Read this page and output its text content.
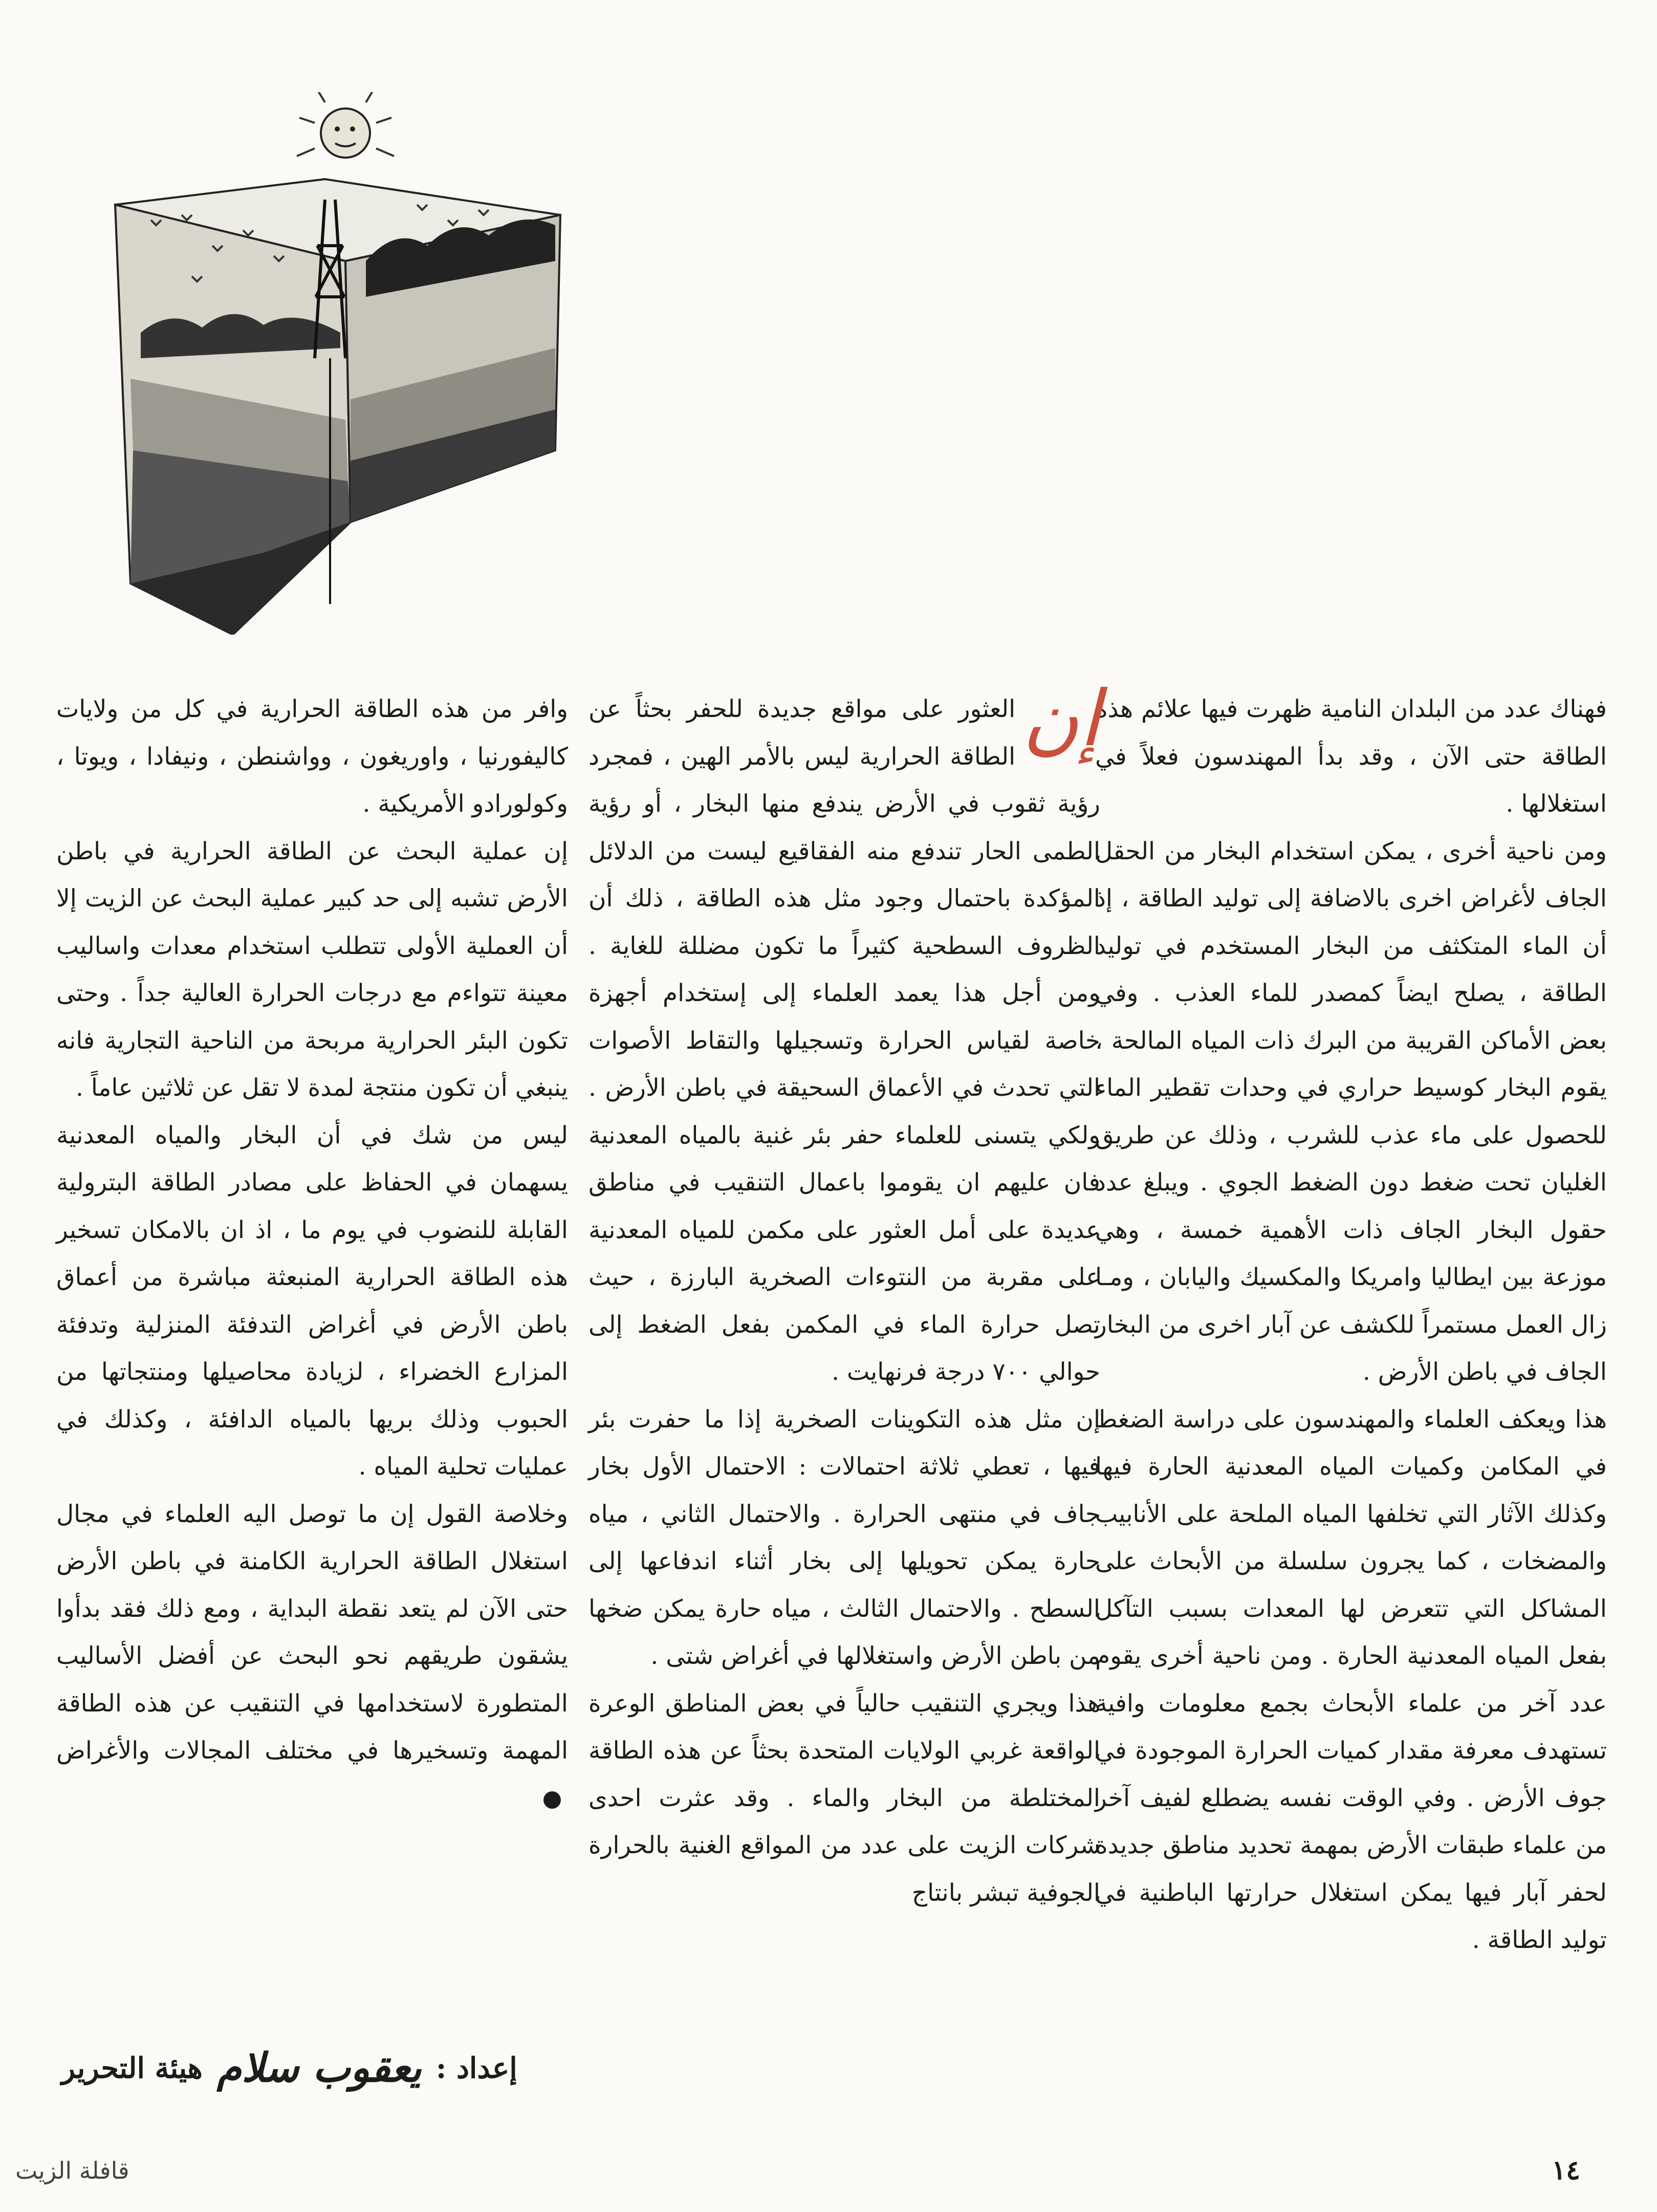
فهناك عدد من البلدان النامية ظهرت فيها علائم هذه الطاقة حتى الآن ، وقد بدأ المهندسون فعلاً في استغلالها .

ومن ناحية أخرى ، يمكن استخدام البخار من الحقل الجاف لأغراض اخرى بالاضافة إلى توليد الطاقة ، إذ أن الماء المتكثف من البخار المستخدم في توليد الطاقة ، يصلح ايضاً كمصدر للماء العذب . وفي بعض الأماكن القريبة من البرك ذات المياه المالحة ، يقوم البخار كوسيط حراري في وحدات تقطير الماء للحصول على ماء عذب للشرب ، وذلك عن طريق الغليان تحت ضغط دون الضغط الجوي . ويبلغ عدد حقول البخار الجاف ذات الأهمية خمسة ، وهي موزعة بين ايطاليا وامريكا والمكسيك واليابان ، ومـا زال العمل مستمراً للكشف عن آبار اخرى من البخار الجاف في باطن الأرض .

هذا ويعكف العلماء والمهندسون على دراسة الضغط في المكامن وكميات المياه المعدنية الحارة فيها وكذلك الآثار التي تخلفها المياه الملحة على الأنابيب والمضخات ، كما يجرون سلسلة من الأبحاث على المشاكل التي تتعرض لها المعدات بسبب التآكل بفعل المياه المعدنية الحارة . ومن ناحية أخرى يقوم عدد آخر من علماء الأبحاث بجمع معلومات وافية تستهدف معرفة مقدار كميات الحرارة الموجودة في جوف الأرض . وفي الوقت نفسه يضطلع لفيف آخر من علماء طبقات الأرض بمهمة تحديد مناطق جديدة لحفر آبار فيها يمكن استغلال حرارتها الباطنية في توليد الطاقة .

إن
العثور على مواقع جديدة للحفر بحثاً عن الطاقة الحرارية ليس بالأمر الهين ، فمجرد رؤية ثقوب في الأرض يندفع منها البخار ، أو رؤية الطمى الحار تندفع منه الفقاقيع ليست من الدلائل المؤكدة باحتمال وجود مثل هذه الطاقة ، ذلك أن الظروف السطحية كثيراً ما تكون مضللة للغاية . ومن أجل هذا يعمد العلماء إلى إستخدام أجهزة خاصة لقياس الحرارة وتسجيلها والتقاط الأصوات التي تحدث في الأعماق السحيقة في باطن الأرض . ولكي يتسنى للعلماء حفر بئر غنية بالمياه المعدنية فان عليهم ان يقوموا باعمال التنقيب في مناطق عديدة على أمل العثور على مكمن للمياه المعدنية على مقربة من النتوءات الصخرية البارزة ، حيث تصل حرارة الماء في المكمن بفعل الضغط إلى حوالي ٧٠٠ درجة فرنهايت .

إن مثل هذه التكوينات الصخرية إذا ما حفرت بئر فيها ، تعطي ثلاثة احتمالات : الاحتمال الأول بخار جاف في منتهى الحرارة . والاحتمال الثاني ، مياه حارة يمكن تحويلها إلى بخار أثناء اندفاعها إلى السطح . والاحتمال الثالث ، مياه حارة يمكن ضخها من باطن الأرض واستغلالها في أغراض شتى .

هذا ويجري التنقيب حالياً في بعض المناطق الوعرة الواقعة غربي الولايات المتحدة بحثاً عن هذه الطاقة المختلطة من البخار والماء . وقد عثرت احدى شركات الزيت على عدد من المواقع الغنية بالحرارة الجوفية تبشر بانتاج

وافر من هذه الطاقة الحرارية في كل من ولايات كاليفورنيا ، واوريغون ، وواشنطن ، ونيفادا ، ويوتا ، وكولورادو الأمريكية .

إن عملية البحث عن الطاقة الحرارية في باطن الأرض تشبه إلى حد كبير عملية البحث عن الزيت إلا أن العملية الأولى تتطلب استخدام معدات واساليب معينة تتواءم مع درجات الحرارة العالية جداً . وحتى تكون البئر الحرارية مربحة من الناحية التجارية فانه ينبغي أن تكون منتجة لمدة لا تقل عن ثلاثين عاماً .

ليس من شك في أن البخار والمياه المعدنية يسهمان في الحفاظ على مصادر الطاقة البترولية القابلة للنضوب في يوم ما ، اذ ان بالامكان تسخير هذه الطاقة الحرارية المنبعثة مباشرة من أعماق باطن الأرض في أغراض التدفئة المنزلية وتدفئة المزارع الخضراء ، لزيادة محاصيلها ومنتجاتها من الحبوب وذلك بريها بالمياه الدافئة ، وكذلك في عمليات تحلية المياه .

وخلاصة القول إن ما توصل اليه العلماء في مجال استغلال الطاقة الحرارية الكامنة في باطن الأرض حتى الآن لم يتعد نقطة البداية ، ومع ذلك فقد بدأوا يشقون طريقهم نحو البحث عن أفضل الأساليب المتطورة لاستخدامها في التنقيب عن هذه الطاقة المهمة وتسخيرها في مختلف المجالات والأغراض

إعداد :
يعقوب سلام
هيئة التحرير
١٤
قافلة الزيت
